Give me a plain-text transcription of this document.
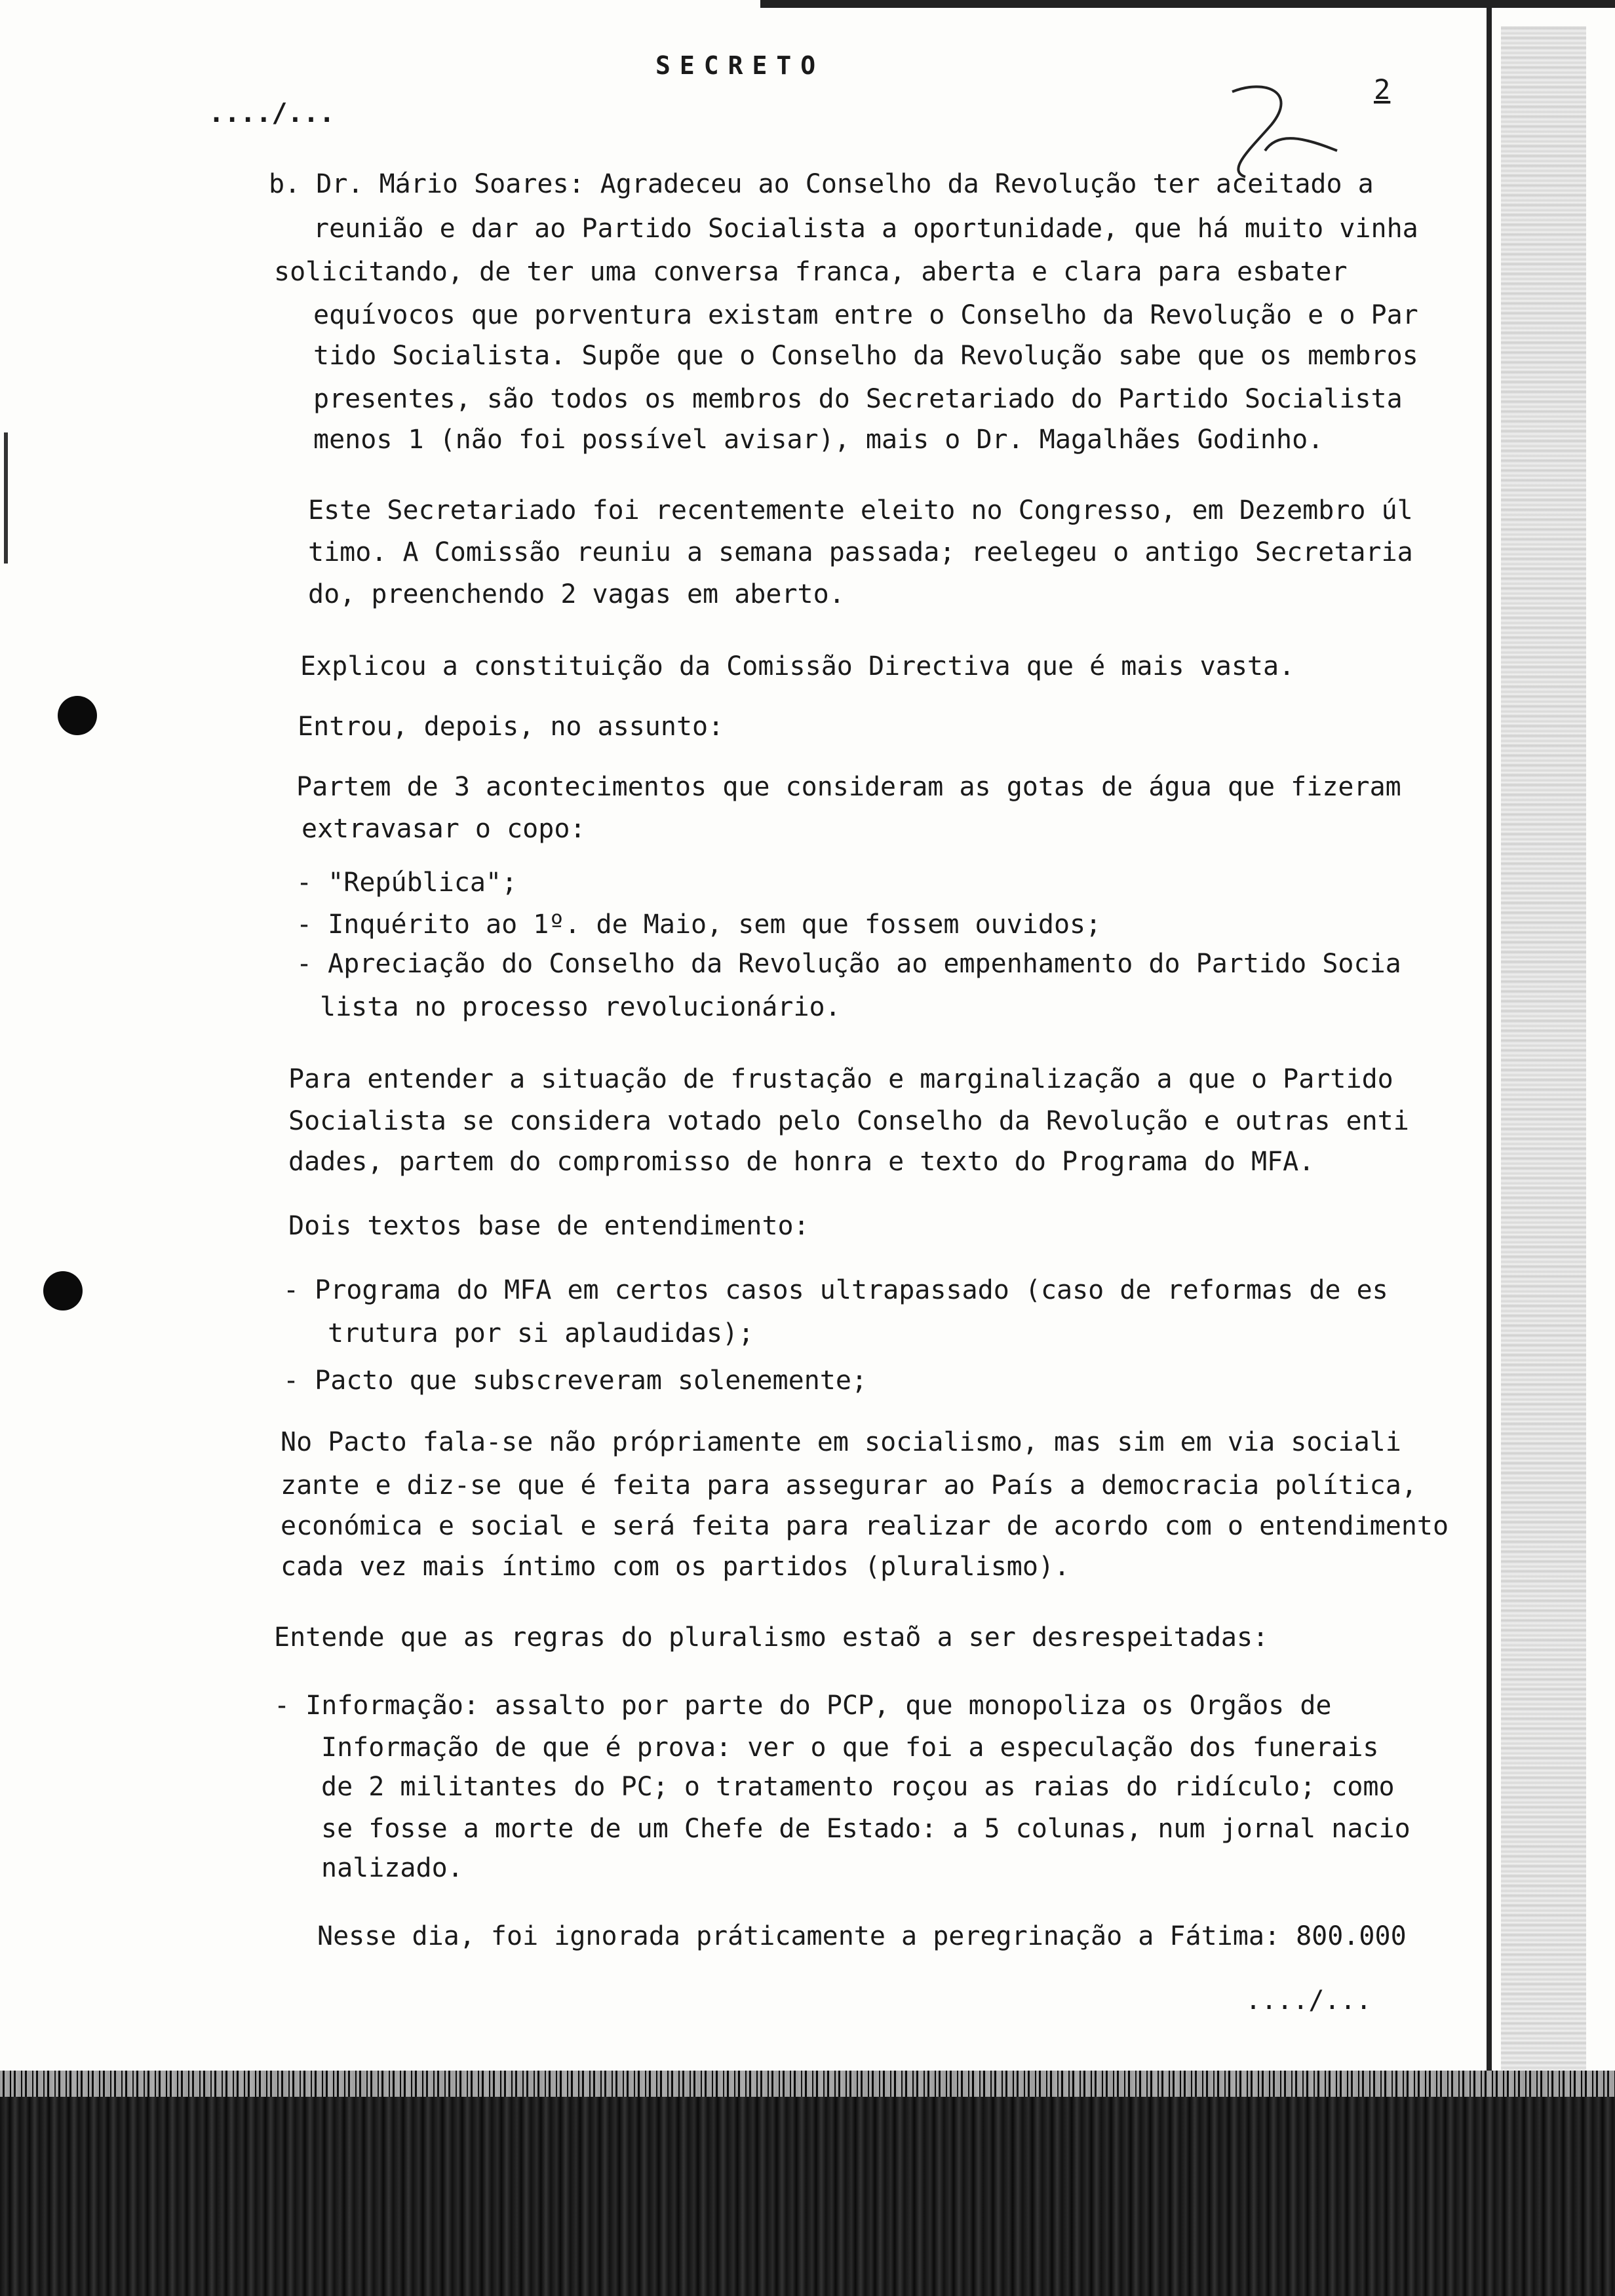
SECRETO
2
..../...
b. Dr. Mário Soares: Agradeceu ao Conselho da Revolução ter aceitado a
reunião e dar ao Partido Socialista a oportunidade, que há muito vinha
solicitando, de ter uma conversa franca, aberta e clara para esbater
equívocos que porventura existam entre o Conselho da Revolução e o Par
tido Socialista. Supõe que o Conselho da Revolução sabe que os membros
presentes, são todos os membros do Secretariado do Partido Socialista
menos 1 (não foi possível avisar), mais o Dr. Magalhães Godinho.
Este Secretariado foi recentemente eleito no Congresso, em Dezembro úl
timo. A Comissão reuniu a semana passada; reelegeu o antigo Secretaria
do, preenchendo 2 vagas em aberto.
Explicou a constituição da Comissão Directiva que é mais vasta.
Entrou, depois, no assunto:
Partem de 3 acontecimentos que consideram as gotas de água que fizeram
extravasar o copo:
- "República";
- Inquérito ao 1º. de Maio, sem que fossem ouvidos;
- Apreciação do Conselho da Revolução ao empenhamento do Partido Socia
lista no processo revolucionário.
Para entender a situação de frustação e marginalização a que o Partido
Socialista se considera votado pelo Conselho da Revolução e outras enti
dades, partem do compromisso de honra e texto do Programa do MFA.
Dois textos base de entendimento:
- Programa do MFA em certos casos ultrapassado (caso de reformas de es
trutura por si aplaudidas);
- Pacto que subscreveram solenemente;
No Pacto fala-se não própriamente em socialismo, mas sim em via sociali
zante e diz-se que é feita para assegurar ao País a democracia política,
económica e social e será feita para realizar de acordo com o entendimento
cada vez mais íntimo com os partidos (pluralismo).
Entende que as regras do pluralismo estaõ a ser desrespeitadas:
- Informação: assalto por parte do PCP, que monopoliza os Orgãos de
Informação de que é prova: ver o que foi a especulação dos funerais
de 2 militantes do PC; o tratamento roçou as raias do ridículo; como
se fosse a morte de um Chefe de Estado: a 5 colunas, num jornal nacio
nalizado.
Nesse dia, foi ignorada práticamente a peregrinação a Fátima: 800.000
..../...
